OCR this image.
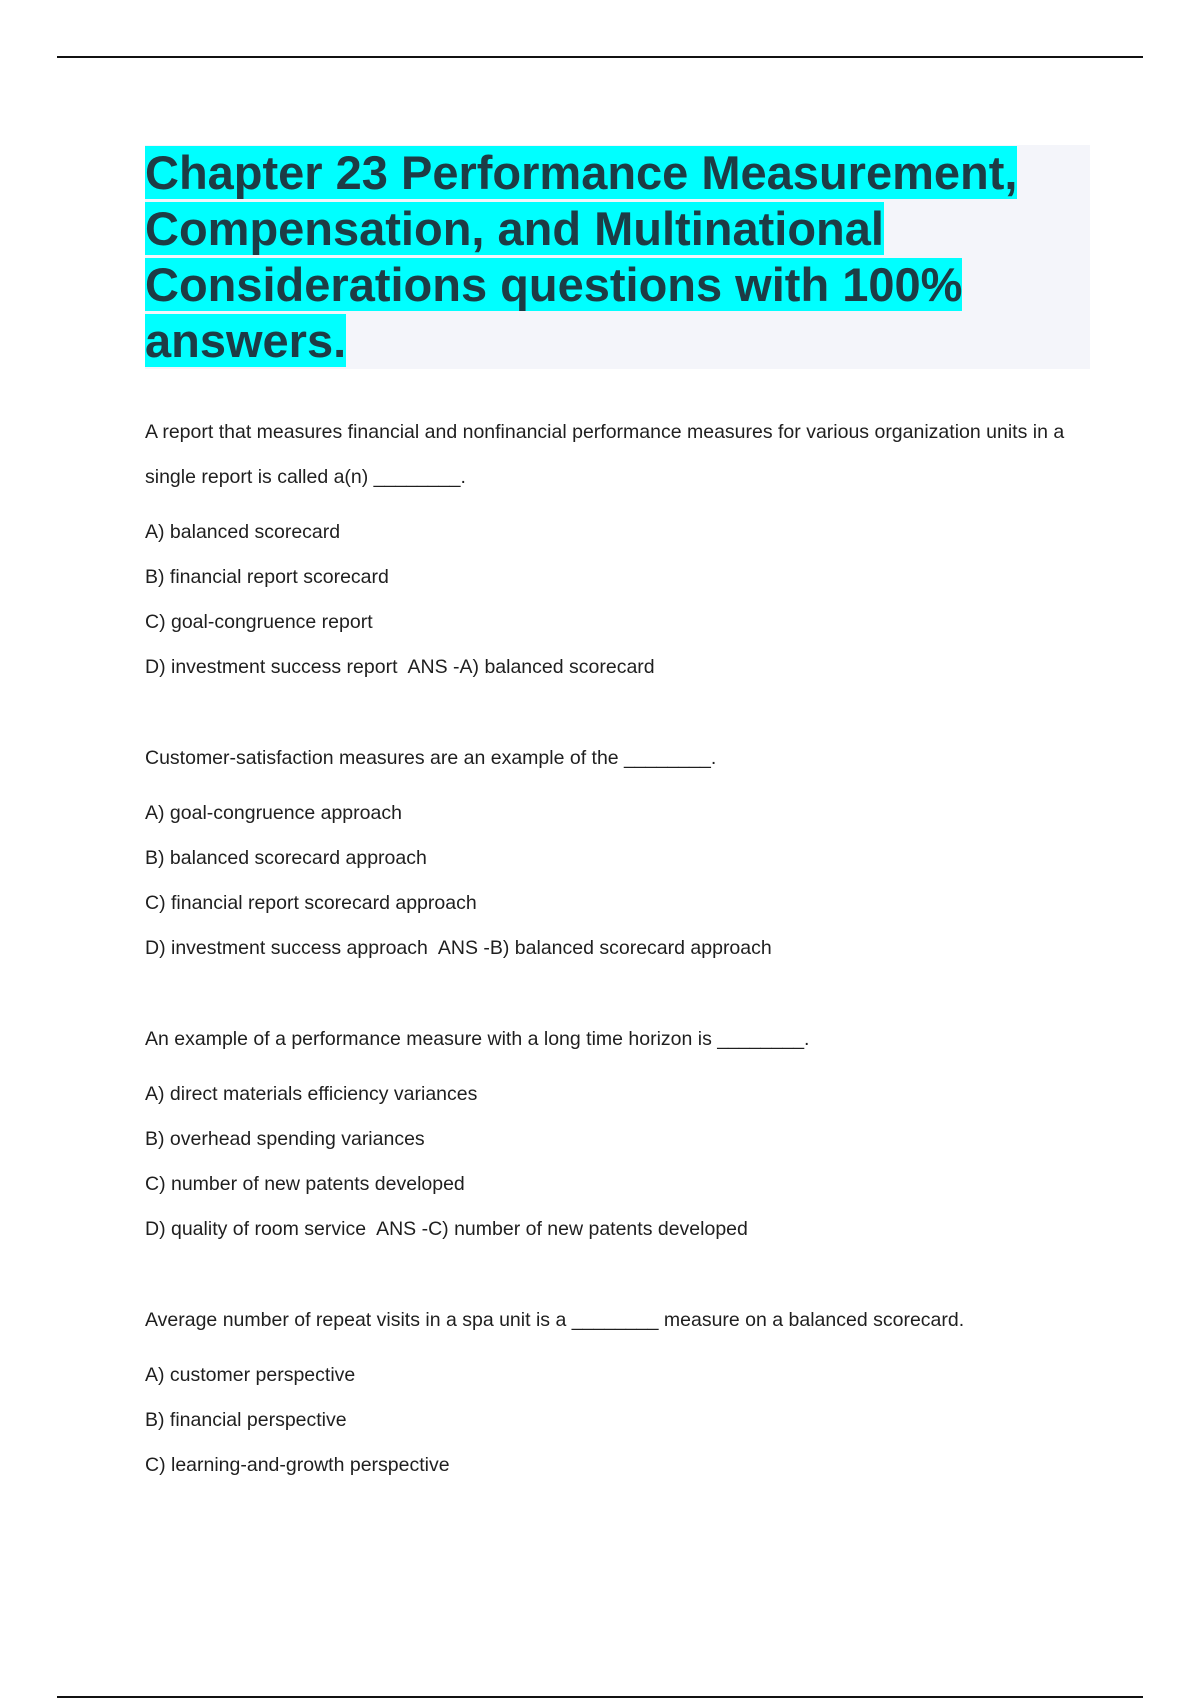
Chapter 23 Performance Measurement, Compensation, and Multinational Considerations questions with 100% answers.

A report that measures financial and nonfinancial performance measures for various organization units in a single report is called a(n) ________.

A) balanced scorecard

B) financial report scorecard

C) goal-congruence report

D) investment success report ANS -A) balanced scorecard

Customer-satisfaction measures are an example of the ________.

A) goal-congruence approach

B) balanced scorecard approach

C) financial report scorecard approach

D) investment success approach ANS -B) balanced scorecard approach

An example of a performance measure with a long time horizon is ________.

A) direct materials efficiency variances

B) overhead spending variances

C) number of new patents developed

D) quality of room service ANS -C) number of new patents developed

Average number of repeat visits in a spa unit is a ________ measure on a balanced scorecard.

A) customer perspective

B) financial perspective

C) learning-and-growth perspective
